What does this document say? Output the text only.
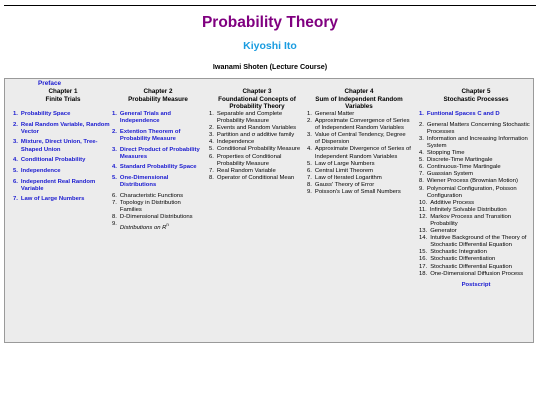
Probability Theory
Kiyoshi Ito
Iwanami Shoten (Lecture Course)
Preface
Chapter 1
Finite Trials
1. Probability Space
2. Real Random Variable, Random Vector
3. Mixture, Direct Union, Tree-Shaped Union
4. Conditional Probability
5. Independence
6. Independent Real Random Variable
7. Law of Large Numbers
Chapter 2
Probability Measure
1. General Trials and Independence
2. Extention Theorem of Probability Measure
3. Direct Product of Probability Measures
4. Standard Probability Space
5. One-Dimensional Distributions
6. Characteristic Functions
7. Topology in Distribution Families
8. D-Dimensional Distributions
9.
Distributions on $R^n$
Chapter 3
Foundational Concepts of Probability Theory
1. Separable and Complete Probability Measure
2. Events and Random Variables
3. Partition and σ additive family
4. Independence
5. Conditional Probability Measure
6. Properties of Conditional Probability Measure
7. Real Random Variable
8. Operator of Conditional Mean
Chapter 4
Sum of Independent Random Variables
1. General Matter
2. Approximate Convergence of Series of Independent Random Variables
3. Value of Central Tendency, Degree of Dispersion
4. Approximate Divergence of Series of Independent Random Variables
5. Law of Large Numbers
6. Central Limit Theorem
7. Law of Iterated Logarithm
8. Gauss' Theory of Error
9. Poisson's Law of Small Numbers
Chapter 5
Stochastic Processes
1. Funtional Spaces C and D
2. General Matters Concerning Stochastic Processes
3. Information and Increasing Information System
4. Stopping Time
5. Discrete-Time Martingale
6. Continuous-Time Martingale
7. Guassian System
8. Wiener Process (Brownian Motion)
9. Polynomial Configuration, Poisson Configuration
10. Additive Process
11. Infinitely Solvable Distribution
12. Markov Process and Transition Probability
13. Generator
14. Intuitive Background of the Theory of Stochastic Differential Equation
15. Stochastic Integration
16. Stochastic Differentiation
17. Stochastic Differential Equation
18. One-Dimensional Diffusion Process
Postscript
